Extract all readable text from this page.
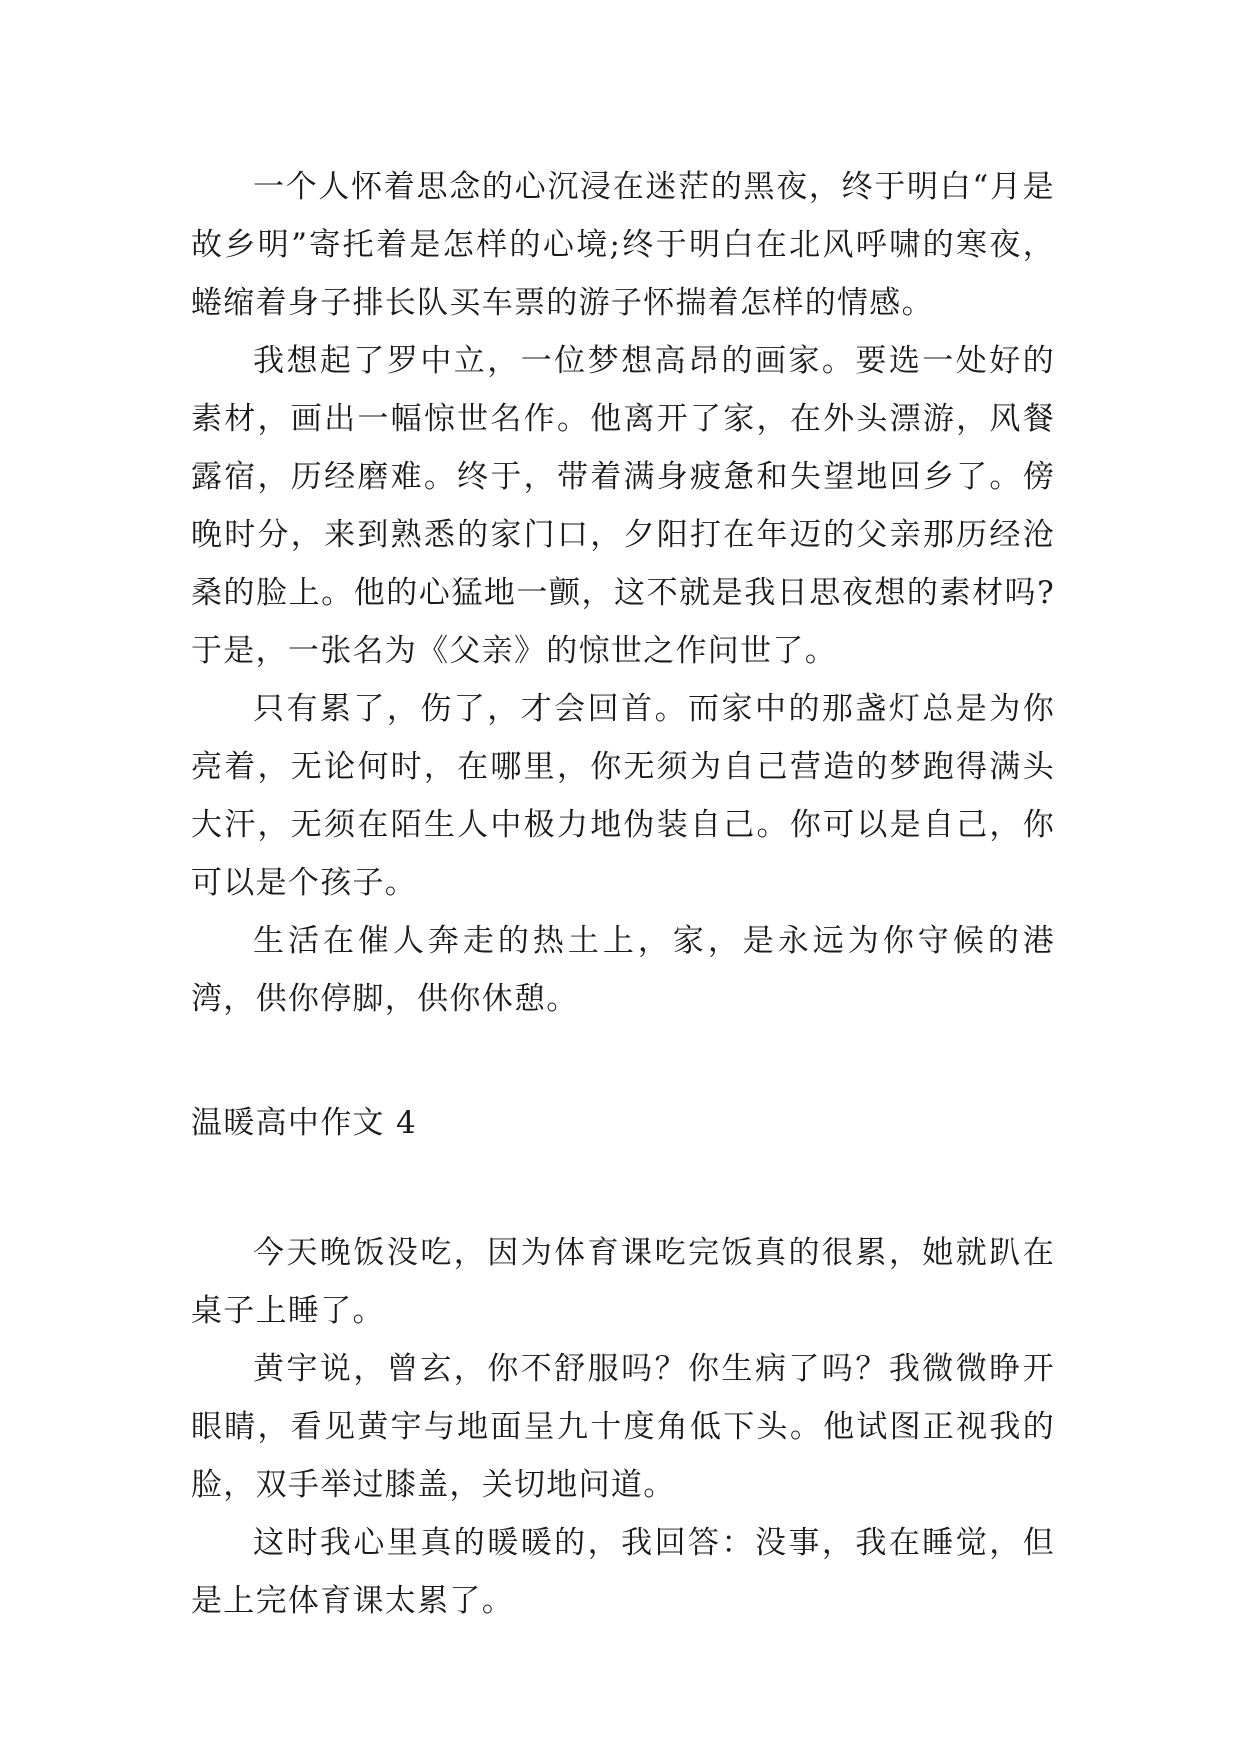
一个人怀着思念的心沉浸在迷茫的黑夜，终于明白“月是故乡明”寄托着是怎样的心境;终于明白在北风呼啸的寒夜，蜷缩着身子排长队买车票的游子怀揣着怎样的情感。

我想起了罗中立，一位梦想高昂的画家。要选一处好的素材，画出一幅惊世名作。他离开了家，在外头漂游，风餐露宿，历经磨难。终于，带着满身疲惫和失望地回乡了。傍晚时分，来到熟悉的家门口，夕阳打在年迈的父亲那历经沧桑的脸上。他的心猛地一颤，这不就是我日思夜想的素材吗?于是，一张名为《父亲》的惊世之作问世了。

只有累了，伤了，才会回首。而家中的那盏灯总是为你亮着，无论何时，在哪里，你无须为自己营造的梦跑得满头大汗，无须在陌生人中极力地伪装自己。你可以是自己，你可以是个孩子。

生活在催人奔走的热土上，家，是永远为你守候的港湾，供你停脚，供你休憩。

温暖高中作文 4

今天晚饭没吃，因为体育课吃完饭真的很累，她就趴在桌子上睡了。

黄宇说，曾玄，你不舒服吗？你生病了吗？我微微睁开眼睛，看见黄宇与地面呈九十度角低下头。他试图正视我的脸，双手举过膝盖，关切地问道。

这时我心里真的暖暖的，我回答：没事，我在睡觉，但是上完体育课太累了。
